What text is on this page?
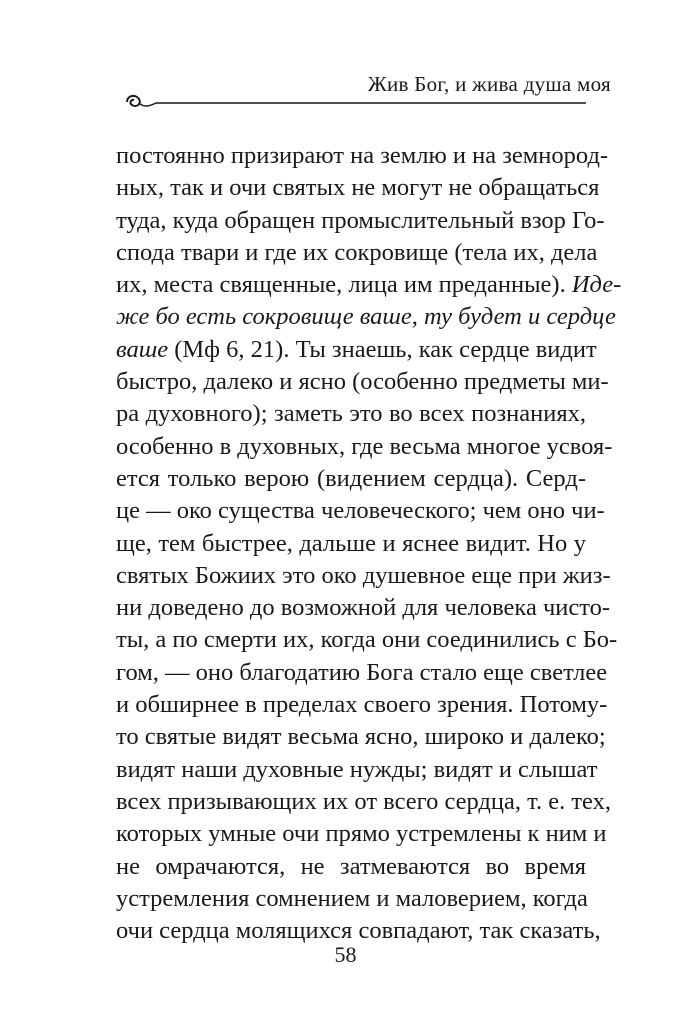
Жив Бог, и жива душа моя
постоянно призирают на землю и на земнород-
ных, так и очи святых не могут не обращаться
туда, куда обращен промыслительный взор Го-
спода твари и где их сокровище (тела их, дела
их, места священные, лица им преданные). Иде-
же бо есть сокровище ваше, ту будет и сердце
ваше (Мф 6, 21). Ты знаешь, как сердце видит
быстро, далеко и ясно (особенно предметы ми-
ра духовного); заметь это во всех познаниях,
особенно в духовных, где весьма многое усвоя-
ется только верою (видением сердца). Серд-
це — око существа человеческого; чем оно чи-
ще, тем быстрее, дальше и яснее видит. Но у
святых Божиих это око душевное еще при жиз-
ни доведено до возможной для человека чисто-
ты, а по смерти их, когда они соединились с Бо-
гом, — оно благодатию Бога стало еще светлее
и обширнее в пределах своего зрения. Потому-
то святые видят весьма ясно, широко и далеко;
видят наши духовные нужды; видят и слышат
всех призывающих их от всего сердца, т. е. тех,
которых умные очи прямо устремлены к ним и
не омрачаются, не затмеваются во время
устремления сомнением и маловерием, когда
очи сердца молящихся совпадают, так сказать,
58
